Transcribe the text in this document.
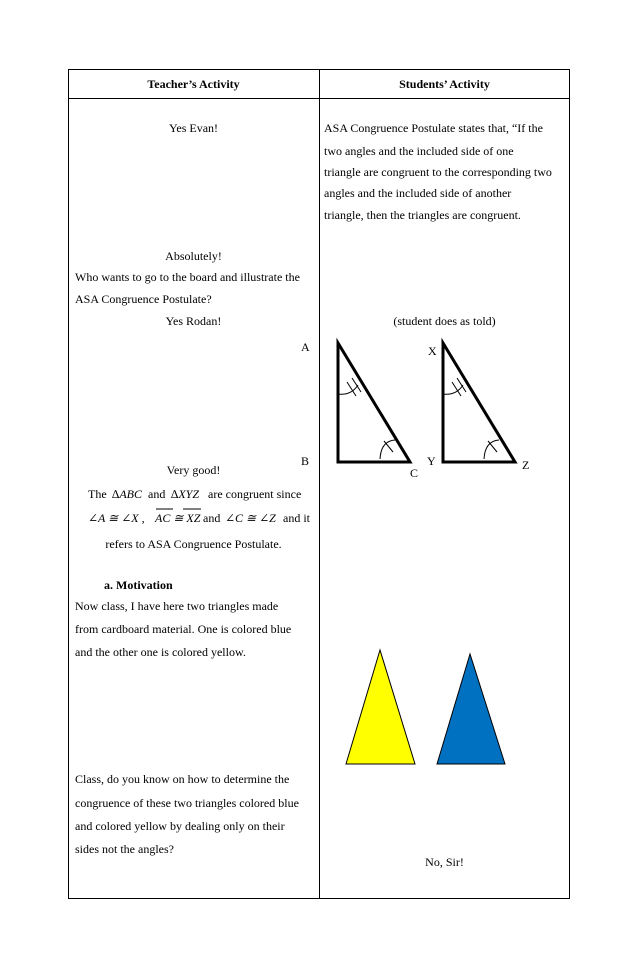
Teacher’s Activity	Students’ Activity
Yes Evan!
Absolutely!
Who wants to go to the board and illustrate the
ASA Congruence Postulate?
Yes Rodan!
Very good!
The ∆ABC and ∆XYZ are congruent since
∠A ≅ ∠X , AC ≅ XZ and ∠C ≅ ∠Z and it
refers to ASA Congruence Postulate.
a. Motivation
Now class, I have here two triangles made
from cardboard material. One is colored blue
and the other one is colored yellow.
Class, do you know on how to determine the
congruence of these two triangles colored blue
and colored yellow by dealing only on their
sides not the angles?
ASA Congruence Postulate states that, “If the
two angles and the included side of one
triangle are congruent to the corresponding two
angles and the included side of another
triangle, then the triangles are congruent.
(student does as told)
No, Sir!
A
B
C
X
Y	Z
